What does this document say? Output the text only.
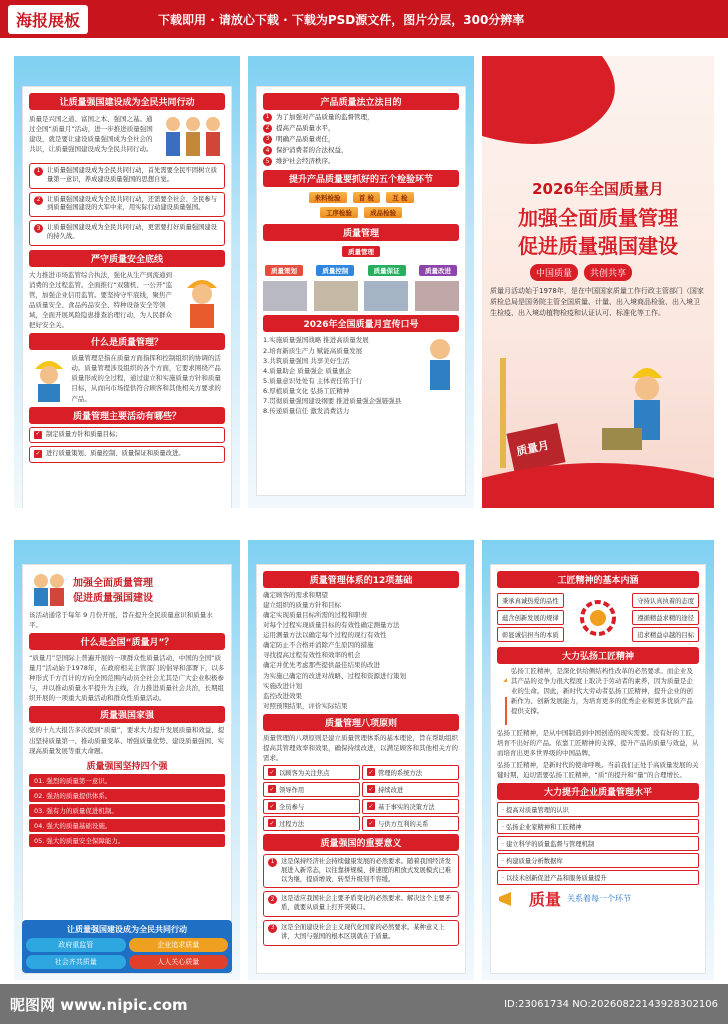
海报展板	下载即用 · 请放心下载 · 下载为PSD源文件，图片分层，300分辨率
让质量强国建设成为全民共同行动
质量是兴国之道、富国之本、强国之基。通过全国“质量月”活动，进一步推进质量强国建设，就是要让建设质量强国成为全社会的共识，让质量强国建设成为全民共同行动。
1	让质量强国建设成为全民共同行动，首先需要全民牢固树立质量第一意识，养成建设质量强国的思想自觉。
2	让质量强国建设成为全民共同行动，还需要全社会、全民参与到质量强国建设的大军中来，用实际行动建设质量强国。
3	让质量强国建设成为全民共同行动，更需要打好质量强国建设的持久战。
严守质量安全底线
大力推进市场监管综合执法，强化从生产到流通到消费的全过程监管。全面推行“双随机、一公开”监管，加强企业信用监管。要坚持守牢底线，聚焦产品质量安全、食品药品安全、特种设备安全等领域，全面开展风险隐患排查治理行动，为人民群众把好安全关。
什么是质量管理？
质量管理是指在质量方面指挥和控制组织的协调的活动。质量管理涉及组织的各个方面，它要求围绕产品质量形成的全过程，通过建立和实施质量方针和质量目标，从而向市场提供符合顾客和其他相关方要求的产品。
质量管理主要活动有哪些？
✓ 制定质量方针和质量目标；
✓ 进行质量策划、质量控制、质量保证和质量改进。
产品质量法立法目的
1	为了加强对产品质量的监督管理，
2	提高产品质量水平，
3	明确产品质量责任，
4	保护消费者的合法权益，
5	维护社会经济秩序。
提升产品质量要抓好的五个检验环节
来料检验	首 检	互 检
工序检验	成品检验
质量管理
质量管理
质量策划	质量控制	质量保证	质量改进
2026年全国质量月宣传口号
1.实施质量强国战略 推进高质量发展
2.培育新质生产力 赋能高质量发展
3.共筑质量强国 共享美好生活
4.质量助企 质量强企 质量惠企
5.质量意识处处有 主体责任铭于行
6.厚植质量文化 弘扬工匠精神
7.贯彻质量强国建设纲要 推进质量强企强链强县
8.传递质量信任 激发消费活力
2026年全国质量月
加强全面质量管理
促进质量强国建设
中国质量	共创共享
质量月活动始于1978年，是在中国国家质量工作行政主管部门（国家质检总局是国务院主管全国质量、计量、出入境商品检验、出入境卫生检疫、出入境动植物检疫和认证认可、标准化等工作。
质量月
加强全面质量管理
促进质量强国建设
该活动通常于每年 9 月份开展，旨在提升全民质量意识和质量水平。
什么是全国“质量月”？
“质量月”是国际上普遍开展的一项群众性质量活动，中国的全国“质量月”活动始于1978年，在政府相关主管部门的倡导和部署下，以多种形式千方百计的方向全国范围内动员全社会尤其是广大企业积极参与，并以推动质量水平提升为主线，合力推进质量社会共治，长期组织开展的一项重大质量活动和群众性质量活动。
质量强国家强
党的十九大报告多次提到“质量”，要求大力提升发展质量和效益，提出坚持质量第一、推动质量变革、增强质量优势、建设质量强国、实现高质量发展等重大命题。
质量强国坚持四个强
01. 强烈的质量第一意识。
02. 强劲的质量提供体系。
03. 强有力的质量促进机制。
04. 强大的质量基础设施。
05. 强大的质量安全保障能力。
让质量强国建设成为全民共同行动
政府重监管	企业追求质量
社会齐共质量	人人关心质量
质量管理体系的12项基础
确定顾客的需求和期望
建立组织的质量方针和目标
确定实现质量目标所需的过程和职责
对每个过程实现质量目标的有效性确定测量方法
运用测量方法以确定每个过程的现行有效性
确定防止不合格并消除产生原因的措施
寻找提高过程有效性和效率的机会
确定并优先考虑那些提供最佳结果的改进
为实施已确定的改进对战略、过程和资源进行策划
实施改进计划
监控改进效果
对照预期结果，评价实际结果
质量管理八项原则
质量管理的八项原则是建立质量管理体系的基本理论，旨在帮助组织提高其管理效率和效果，确保持续改进，以满足顾客和其他相关方的需求。
✓ 以顾客为关注焦点	✓ 管理的系统方法
✓ 领导作用	✓ 持续改进
✓ 全员参与	✓ 基于事实的决策方法
✓ 过程方法	✓ 与供方互利的关系
质量强国的重要意义
1	这是保持经济社会持续健康发展的必然要求。随着我国经济发展进入新常态，以往靠拼规模、拼速度的粗放式发展模式已难以为继，提质增效、转型升级刻不容缓。
2	这是适应我国社会主要矛盾变化的必然要求。解决这个主要矛盾，就要从质量上打开突破口。
3	这是全面建设社会主义现代化国家的必然要求。某种意义上讲，大国与强国的根本区别就在于质量。
工匠精神的基本内涵
秉承真诚热爱的品性
蕴含创新发展的规律
彰显诚信担当的本质
守持认真执着的态度
遵循精益求精的途径
追求精益卓越的目标
大力弘扬工匠精神
弘扬工匠精神，是深化供给侧结构性改革的必然要求。而企业及其产品的竞争力很大程度上取决于劳动者的素养，因为质量是企业的生命。因此，新时代大劳动者弘扬工匠精神，提升企业的创新作为、创新发展能力，为培育更多的优秀企业和更多优质产品提供支撑。
弘扬工匠精神，是从中国制造到中国创造的现实需要。没有好的工匠，培育不出好的产品。依靠工匠精神的支撑，提升产品的质量与效益，从而培育出更多世界级的中国品牌。
弘扬工匠精神，是新时代的使命呼唤。当前我们正处于高质量发展的关键时期，迫切需要弘扬工匠精神，“质”的提升和“量”的合理增长。
大力提升企业质量管理水平
· 提高对质量管理的认识
· 弘扬企业家精神和工匠精神
· 建立科学的质量监督与管理机制
· 构建质量分析数据库
· 以技术创新促进产品和服务质量提升
质量 关系着每一个环节
昵图网 www.nipic.com	ID:23061734 NO:20260822143928302106
